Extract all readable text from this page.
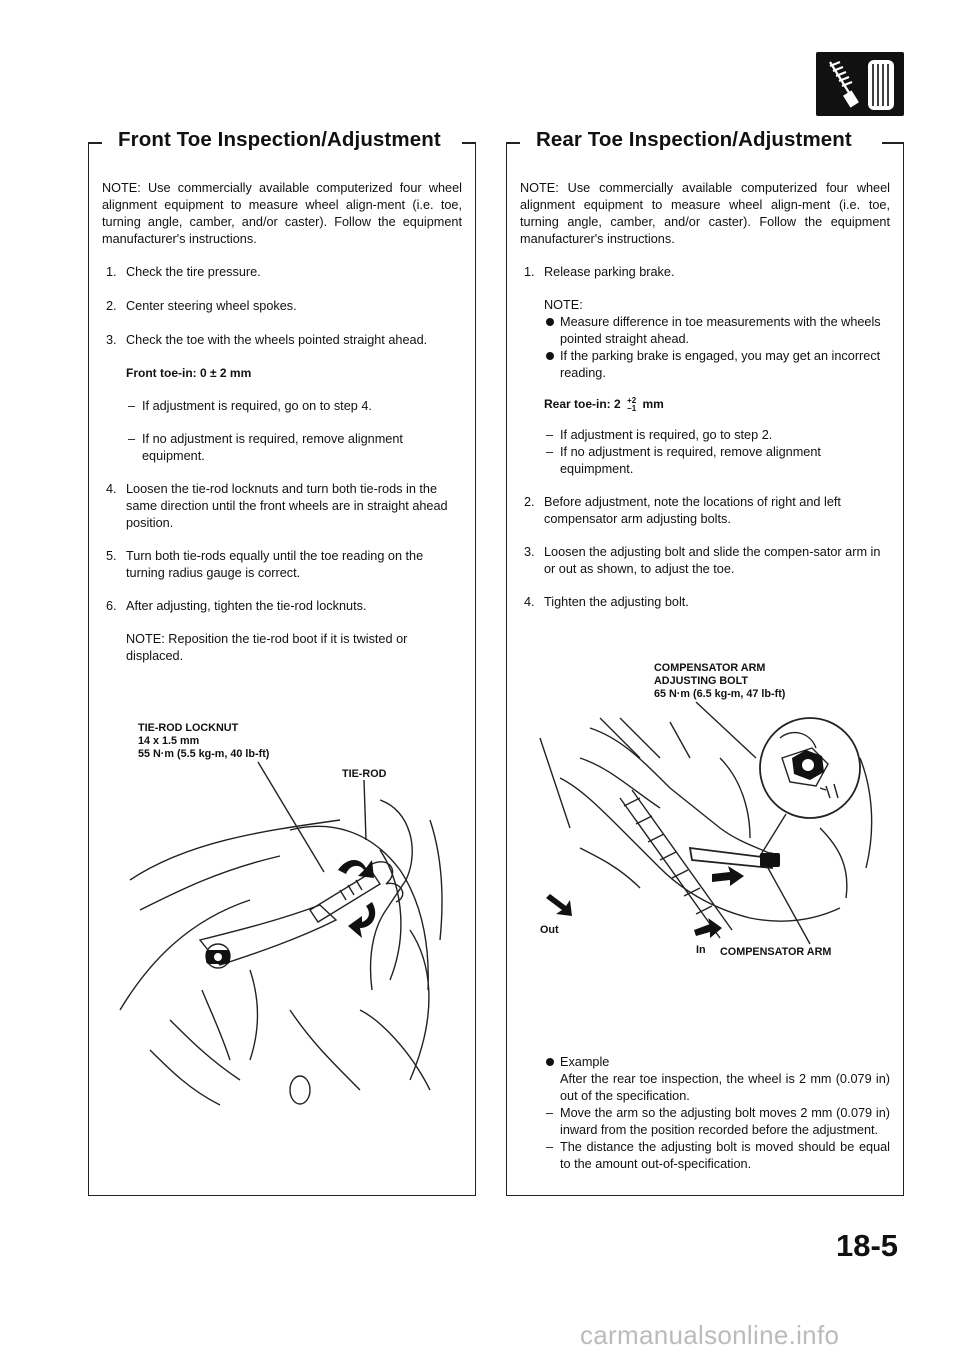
Front Toe Inspection/Adjustment	Rear Toe Inspection/Adjustment

NOTE: Use commercially available computerized four wheel alignment equipment to measure wheel align-ment (i.e. toe, turning angle, camber, and/or caster). Follow the equipment manufacturer's instructions.

1. Check the tire pressure.

2. Center steering wheel spokes.

3. Check the toe with the wheels pointed straight ahead.

Front toe-in: 0 ± 2 mm

– If adjustment is required, go on to step 4.

– If no adjustment is required, remove alignment equipment.

4. Loosen the tie-rod locknuts and turn both tie-rods in the same direction until the front wheels are in straight ahead position.

5. Turn both tie-rods equally until the toe reading on the turning radius gauge is correct.

6. After adjusting, tighten the tie-rod locknuts.

NOTE: Reposition the tie-rod boot if it is twisted or displaced.

TIE-ROD LOCKNUT
14 x 1.5 mm
55 N·m (5.5 kg-m, 40 lb-ft)
TIE-ROD

NOTE: Use commercially available computerized four wheel alignment equipment to measure wheel align-ment (i.e. toe, turning angle, camber, and/or caster). Follow the equipment manufacturer's instructions.

1. Release parking brake.

NOTE:

Measure difference in toe measurements with the wheels pointed straight ahead.

If the parking brake is engaged, you may get an incorrect reading.

Rear toe-in: 2 +2
−1 mm

– If adjustment is required, go to step 2.

– If no adjustment is required, remove alignment equimpment.

2. Before adjustment, note the locations of right and left compensator arm adjusting bolts.

3. Loosen the adjusting bolt and slide the compen-sator arm in or out as shown, to adjust the toe.

4. Tighten the adjusting bolt.

COMPENSATOR ARM
ADJUSTING BOLT
65 N·m (6.5 kg-m, 47 lb-ft)
Out
In COMPENSATOR ARM

Example

After the rear toe inspection, the wheel is 2 mm (0.079 in) out of the specification.

– Move the arm so the adjusting bolt moves 2 mm (0.079 in) inward from the position recorded before the adjustment.

– The distance the adjusting bolt is moved should be equal to the amount out-of-specification.

18-5
carmanualsonline.info
